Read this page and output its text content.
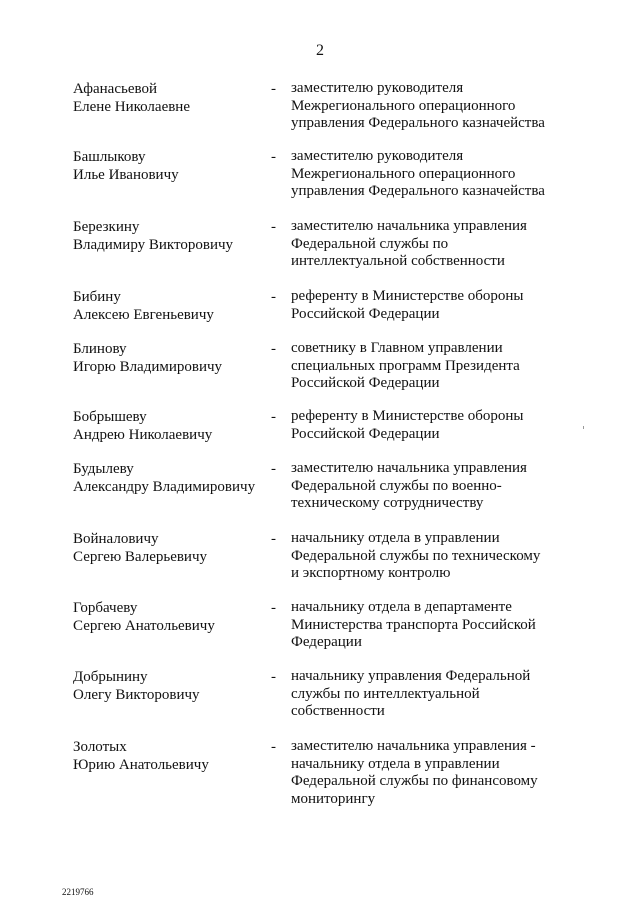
2
Афанасьевой
Елене Николаевне
- заместителю руководителя
Межрегионального операционного
управления Федерального казначейства
Башлыкову
Илье Ивановичу
- заместителю руководителя
Межрегионального операционного
управления Федерального казначейства
Березкину
Владимиру Викторовичу
- заместителю начальника управления
Федеральной службы по
интеллектуальной собственности
Бибину
Алексею Евгеньевичу
- референту в Министерстве обороны
Российской Федерации
Блинову
Игорю Владимировичу
- советнику в Главном управлении
специальных программ Президента
Российской Федерации
Бобрышеву
Андрею Николаевичу
- референту в Министерстве обороны
Российской Федерации
Будылеву
Александру Владимировичу
- заместителю начальника управления
Федеральной службы по военно-
техническому сотрудничеству
Войналовичу
Сергею Валерьевичу
- начальнику отдела в управлении
Федеральной службы по техническому
и экспортному контролю
Горбачеву
Сергею Анатольевичу
- начальнику отдела в департаменте
Министерства транспорта Российской
Федерации
Добрынину
Олегу Викторовичу
- начальнику управления Федеральной
службы по интеллектуальной
собственности
Золотых
Юрию Анатольевичу
- заместителю начальника управления -
начальнику отдела в управлении
Федеральной службы по финансовому
мониторингу
2219766
